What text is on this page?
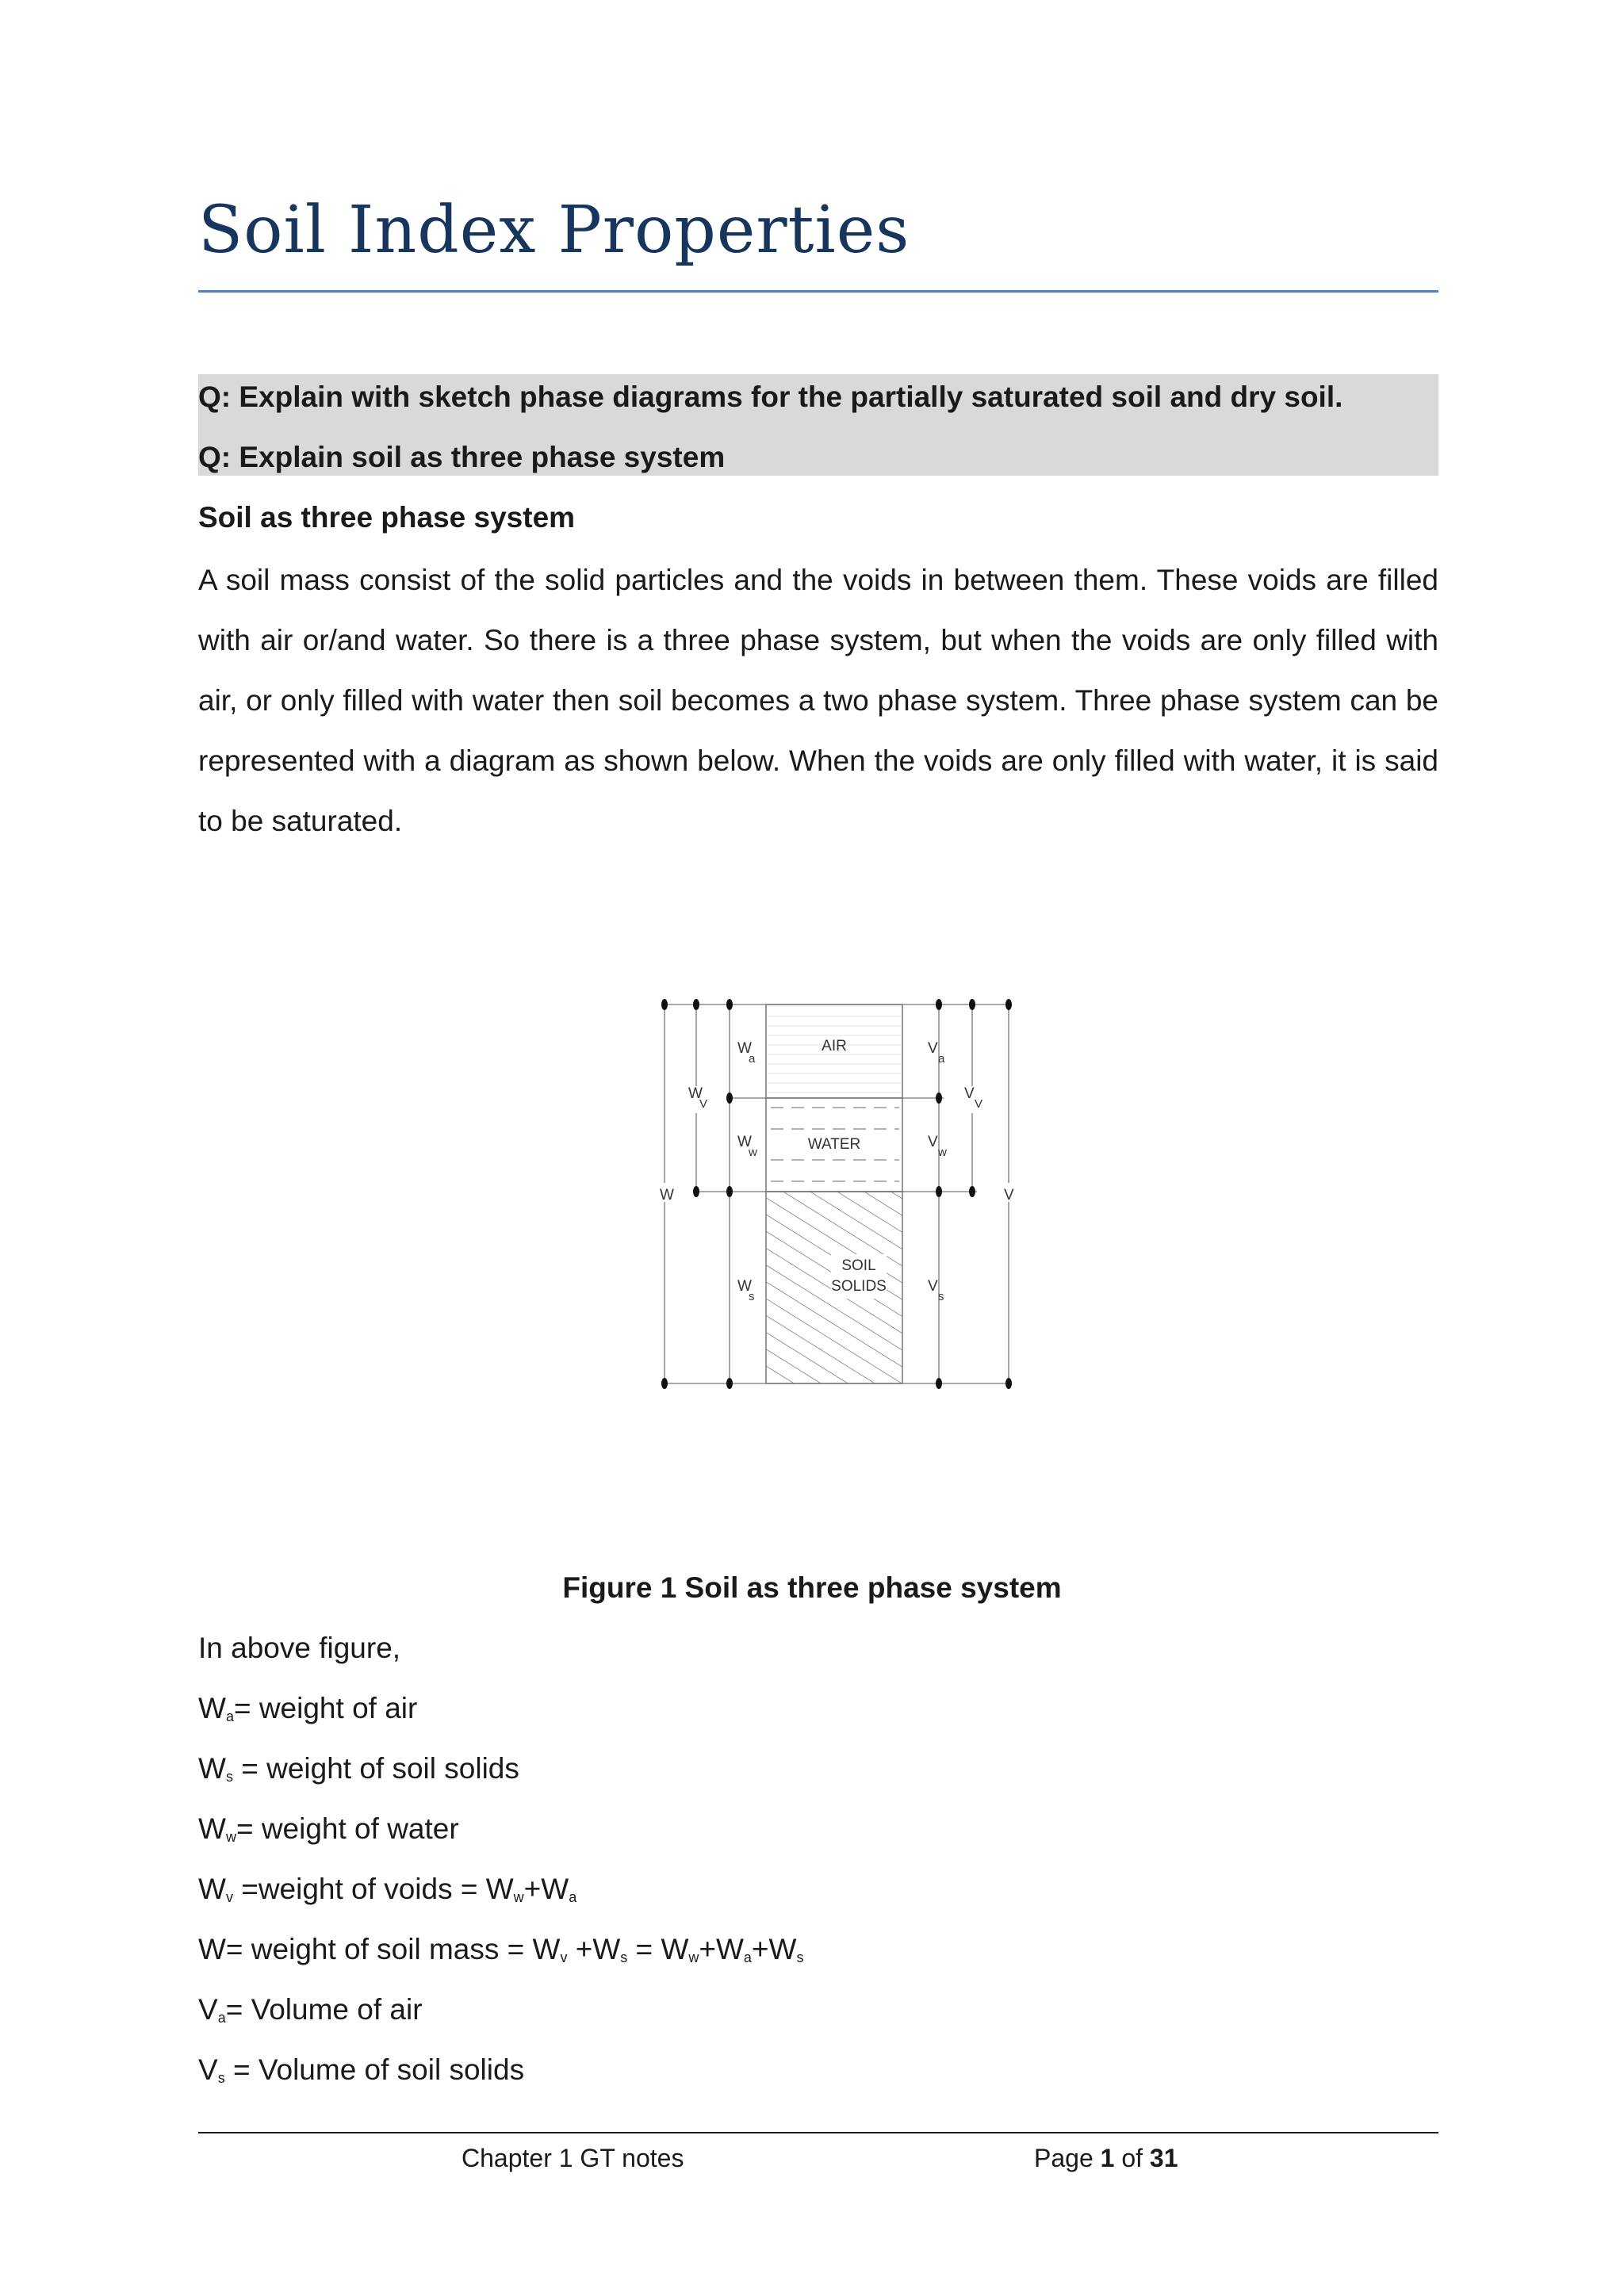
Soil Index Properties

Q: Explain with sketch phase diagrams for the partially saturated soil and dry soil.

Q: Explain soil as three phase system

Soil as three phase system

A soil mass consist of the solid particles and the voids in between them. These voids are filled with air or/and water. So there is a three phase system, but when the voids are only filled with air, or only filled with water then soil becomes a two phase system. Three phase system can be represented with a diagram as shown below. When the voids are only filled with water, it is said to be saturated.

AIR
WATER
SOIL
SOLIDS
W
W
V
W
a
W
w
W
s
V
V
V
V
a
V
w
V
s

Figure 1 Soil as three phase system

In above figure,

$W_a=$ weight of air

$W_s$ = weight of soil solids

$W_w=$ weight of water

$W_v$ =weight of voids = $W_w+W_a$

W= weight of soil mass = $W_v +W_s = W_w+W_a+W_s$

$V_a=$ Volume of air

$V_s$ = Volume of soil solids

Chapter 1 GT notes	Page 1 of 31
